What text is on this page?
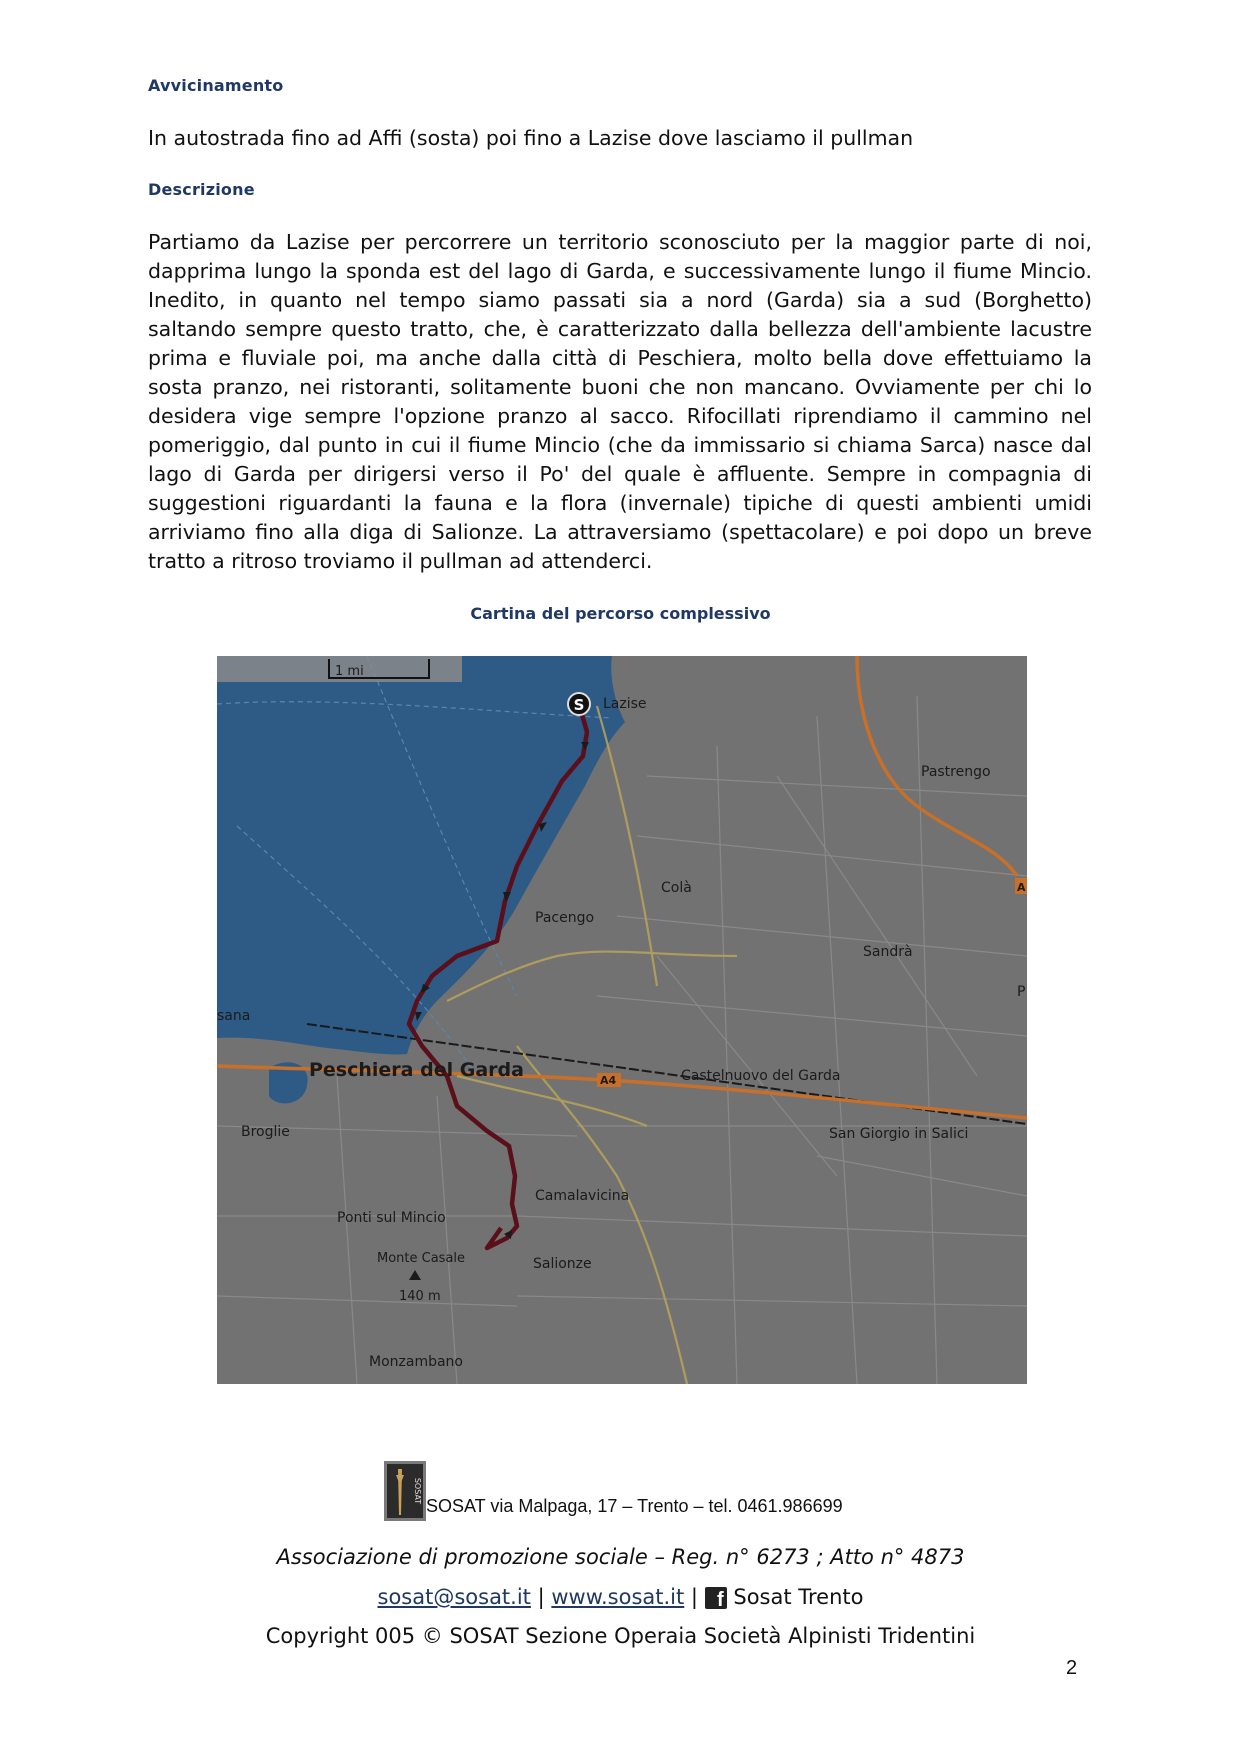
Avvicinamento
In autostrada fino ad Affi (sosta) poi fino a Lazise dove lasciamo il pullman
Descrizione
Partiamo da Lazise per percorrere un territorio sconosciuto per la maggior parte di noi, dapprima lungo la sponda est del lago di Garda, e successivamente lungo il fiume Mincio. Inedito, in quanto nel tempo siamo passati sia a nord (Garda) sia a sud (Borghetto) saltando sempre questo tratto, che, è caratterizzato dalla bellezza dell'ambiente lacustre prima e fluviale poi, ma anche dalla città di Peschiera, molto bella dove effettuiamo la sosta pranzo, nei ristoranti, solitamente buoni che non mancano. Ovviamente per chi lo desidera vige sempre l'opzione pranzo al sacco. Rifocillati riprendiamo il cammino nel pomeriggio, dal punto in cui il fiume Mincio (che da immissario si chiama Sarca) nasce dal lago di Garda per dirigersi verso il Po' del quale è affluente. Sempre in compagnia di suggestioni riguardanti la fauna e la flora (invernale) tipiche di questi ambienti umidi arriviamo fino alla diga di Salionze. La attraversiamo (spettacolare) e poi dopo un breve tratto a ritroso troviamo il pullman ad attenderci.
Cartina del percorso complessivo
S
1 mi
Lazise
Pastrengo
Colà
Pacengo
Sandrà
sana
Peschiera del Garda	Castelnuovo del Garda
Broglie
A4
San Giorgio in Salici
Camalavicina
Ponti sul Mincio
Monte Casale	Salionze
140 m
Monzambano
P
A
SOSAT
SOSAT via Malpaga, 17 – Trento – tel. 0461.986699
Associazione di promozione sociale – Reg. n° 6273 ; Atto n° 4873
sosat@sosat.it | www.sosat.it | f Sosat Trento
Copyright 005 © SOSAT Sezione Operaia Società Alpinisti Tridentini
2
